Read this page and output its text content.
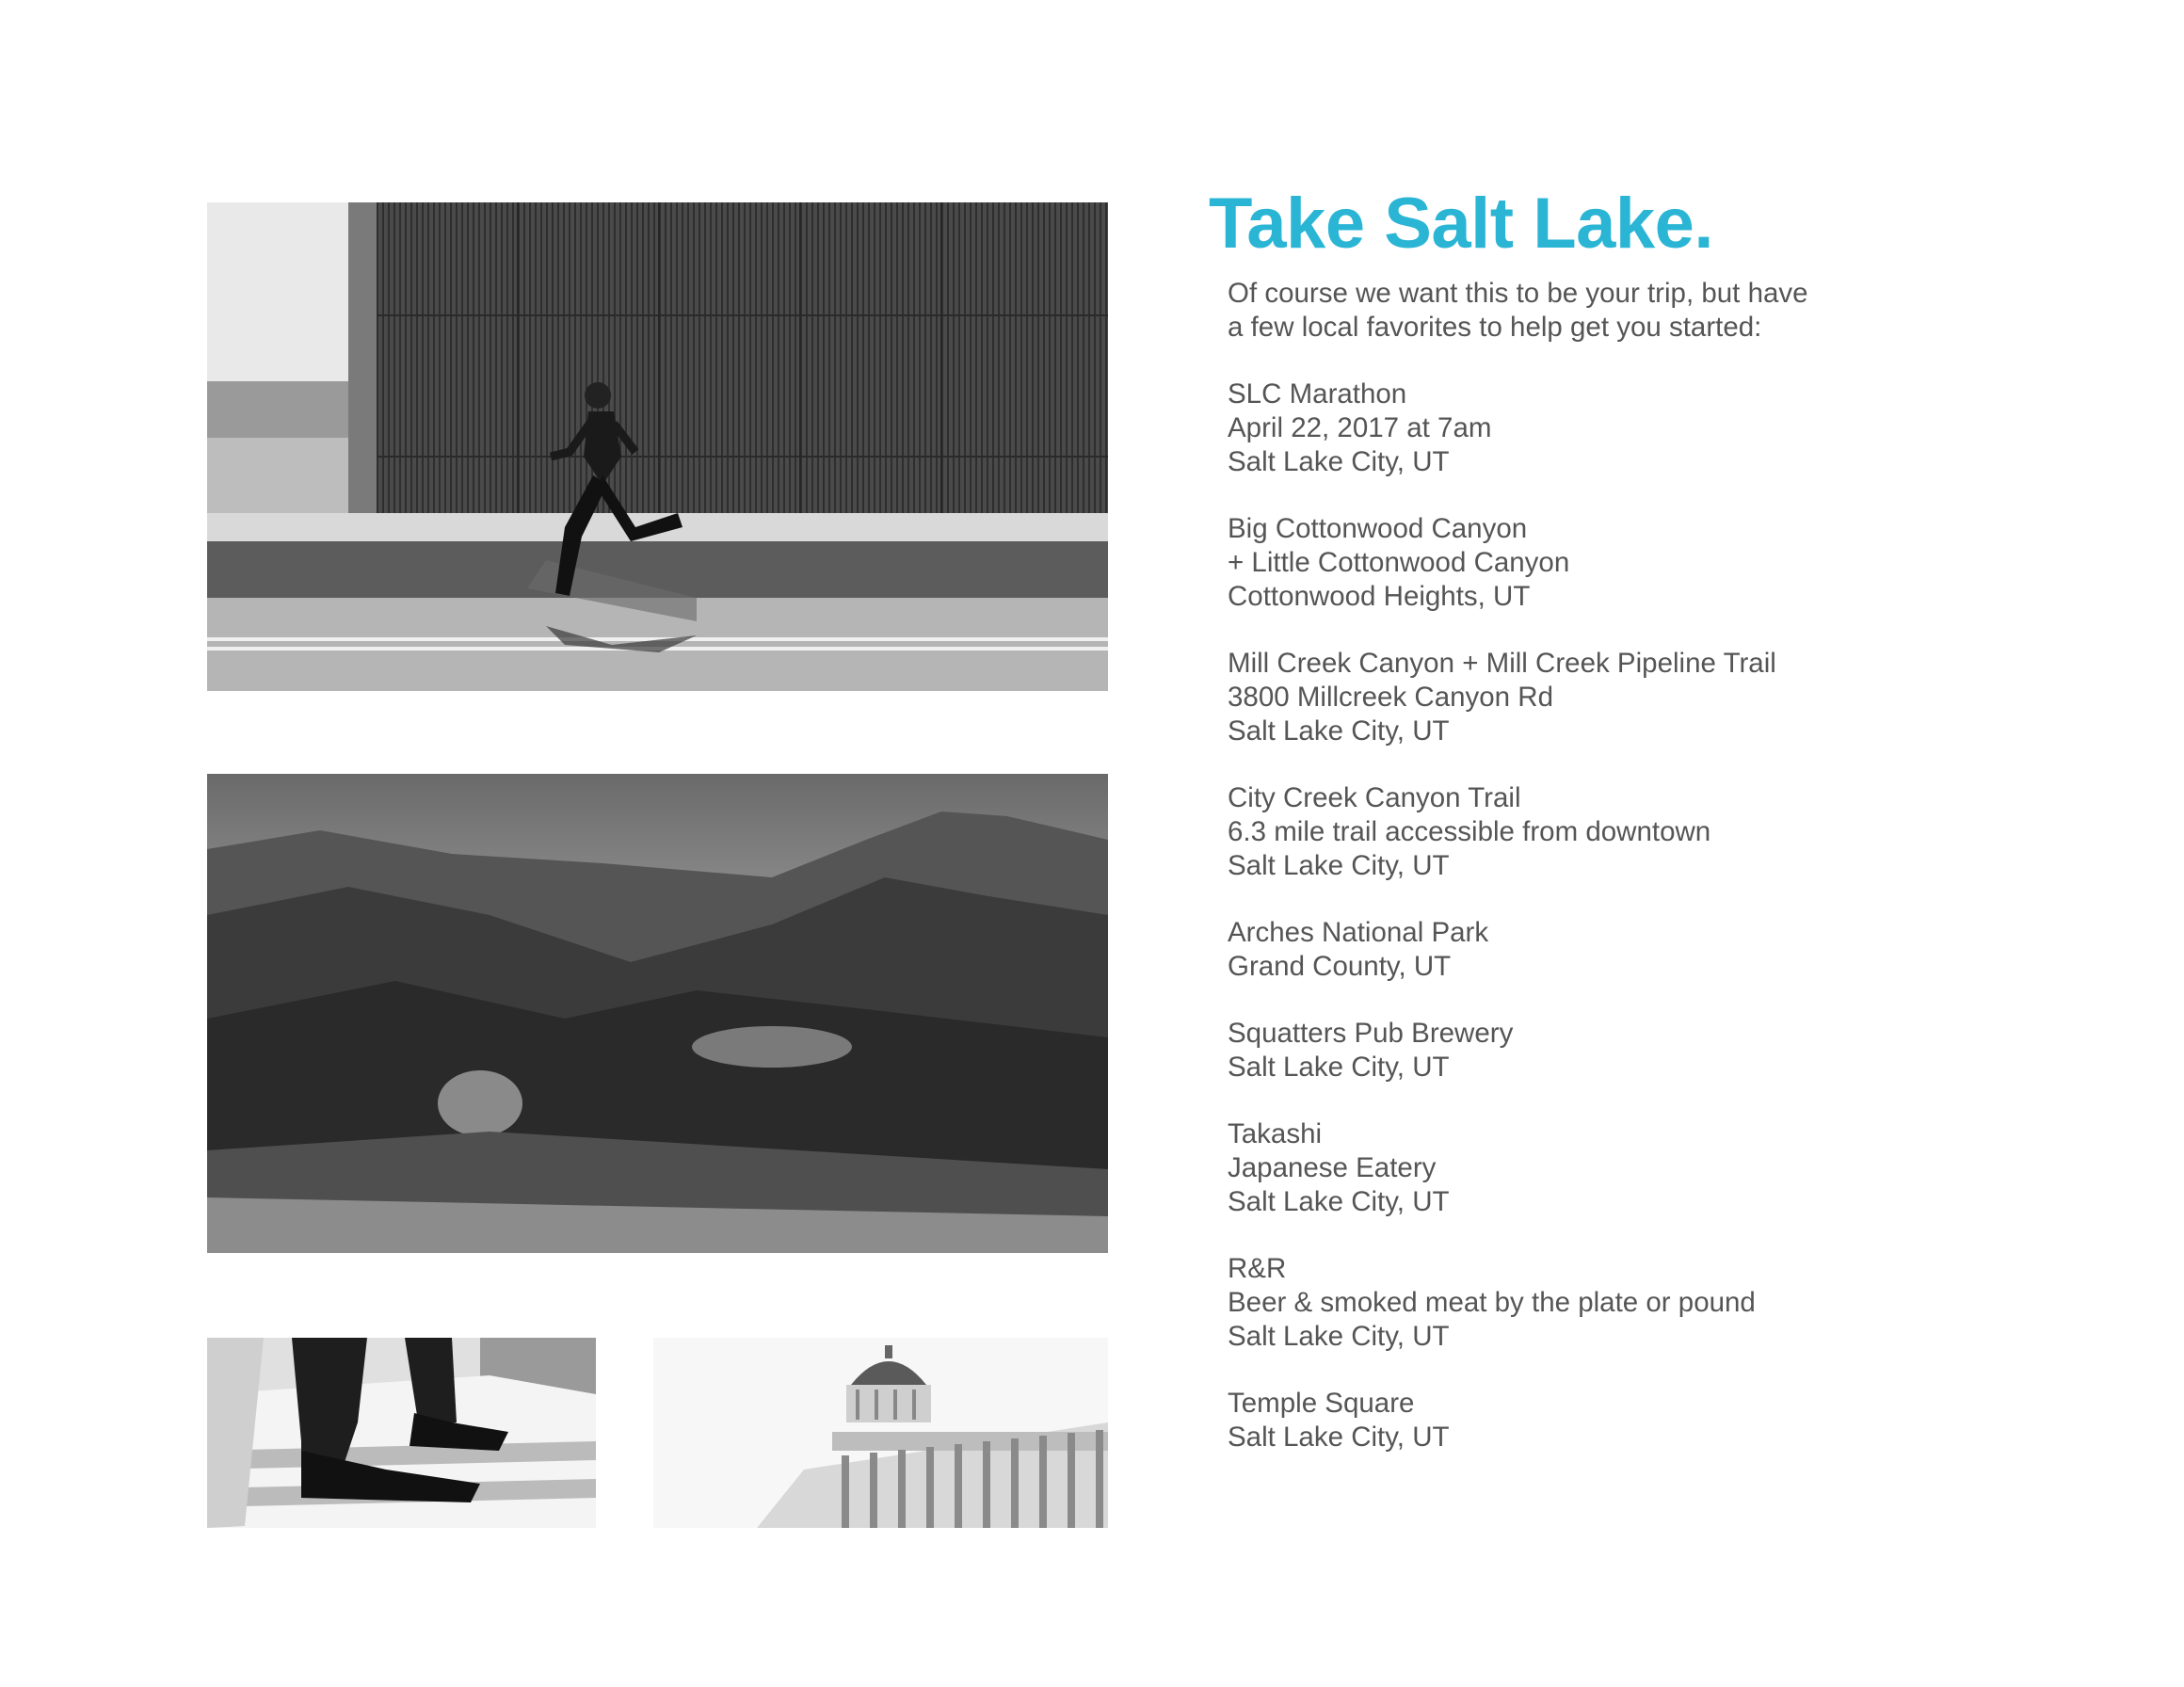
Take Salt Lake.

Of course we want this to be your trip, but have

a few local favorites to help get you started:

SLC Marathon

April 22, 2017 at 7am

Salt Lake City, UT

Big Cottonwood Canyon

+ Little Cottonwood Canyon

Cottonwood Heights, UT

Mill Creek Canyon + Mill Creek Pipeline Trail

3800 Millcreek Canyon Rd

Salt Lake City, UT

City Creek Canyon Trail

6.3 mile trail accessible from downtown

Salt Lake City, UT

Arches National Park

Grand County, UT

Squatters Pub Brewery

Salt Lake City, UT

Takashi

Japanese Eatery

Salt Lake City, UT

R&R

Beer & smoked meat by the plate or pound

Salt Lake City, UT

Temple Square

Salt Lake City, UT
